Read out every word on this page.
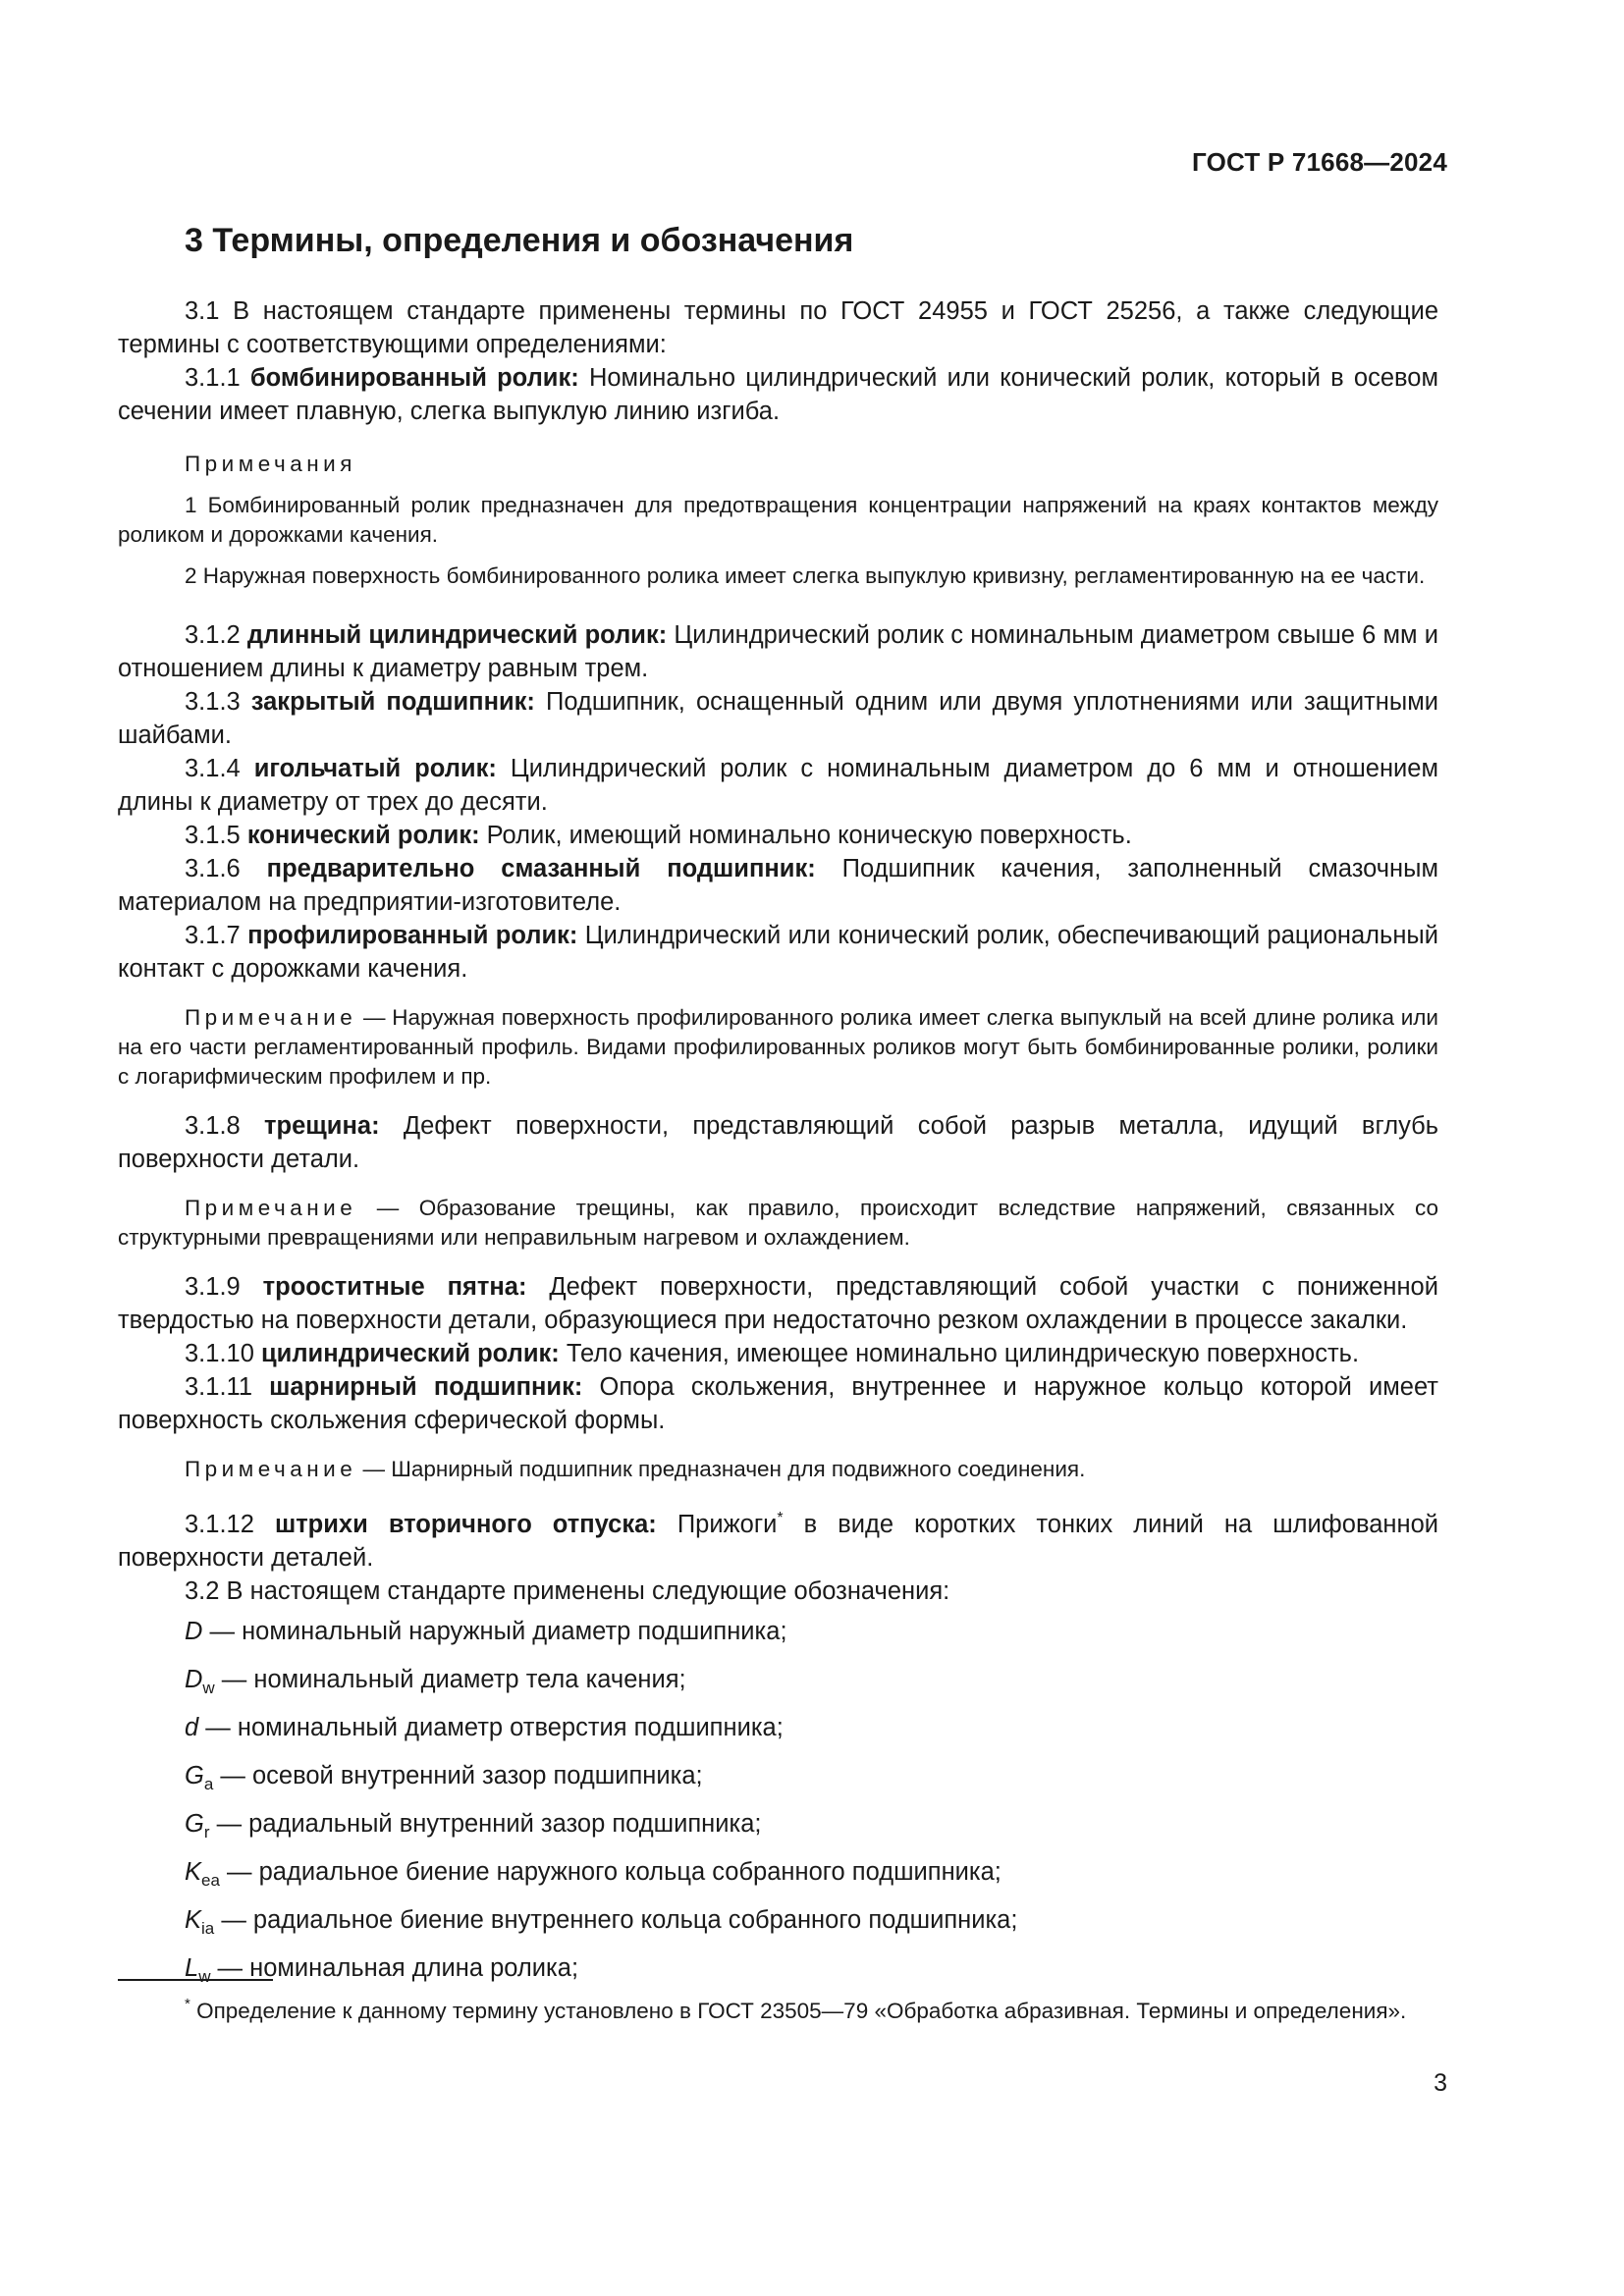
ГОСТ Р 71668—2024
3 Термины, определения и обозначения

3.1 В настоящем стандарте применены термины по ГОСТ 24955 и ГОСТ 25256, а также следующие термины с соответствующими определениями:

3.1.1 бомбинированный ролик: Номинально цилиндрический или конический ролик, который в осевом сечении имеет плавную, слегка выпуклую линию изгиба.

Примечания

1 Бомбинированный ролик предназначен для предотвращения концентрации напряжений на краях контактов между роликом и дорожками качения.

2 Наружная поверхность бомбинированного ролика имеет слегка выпуклую кривизну, регламентированную на ее части.

3.1.2 длинный цилиндрический ролик: Цилиндрический ролик с номинальным диаметром свыше 6 мм и отношением длины к диаметру равным трем.

3.1.3 закрытый подшипник: Подшипник, оснащенный одним или двумя уплотнениями или защитными шайбами.

3.1.4 игольчатый ролик: Цилиндрический ролик с номинальным диаметром до 6 мм и отношением длины к диаметру от трех до десяти.

3.1.5 конический ролик: Ролик, имеющий номинально коническую поверхность.

3.1.6 предварительно смазанный подшипник: Подшипник качения, заполненный смазочным материалом на предприятии-изготовителе.

3.1.7 профилированный ролик: Цилиндрический или конический ролик, обеспечивающий рациональный контакт с дорожками качения.

Примечание — Наружная поверхность профилированного ролика имеет слегка выпуклый на всей длине ролика или на его части регламентированный профиль. Видами профилированных роликов могут быть бомбинированные ролики, ролики с логарифмическим профилем и пр.

3.1.8 трещина: Дефект поверхности, представляющий собой разрыв металла, идущий вглубь поверхности детали.

Примечание — Образование трещины, как правило, происходит вследствие напряжений, связанных со структурными превращениями или неправильным нагревом и охлаждением.

3.1.9 трооститные пятна: Дефект поверхности, представляющий собой участки с пониженной твердостью на поверхности детали, образующиеся при недостаточно резком охлаждении в процессе закалки.

3.1.10 цилиндрический ролик: Тело качения, имеющее номинально цилиндрическую поверхность.

3.1.11 шарнирный подшипник: Опора скольжения, внутреннее и наружное кольцо которой имеет поверхность скольжения сферической формы.

Примечание — Шарнирный подшипник предназначен для подвижного соединения.

3.1.12 штрихи вторичного отпуска: Прижоги* в виде коротких тонких линий на шлифованной поверхности деталей.

3.2 В настоящем стандарте применены следующие обозначения:

D — номинальный наружный диаметр подшипника;

$D_w$ — номинальный диаметр тела качения;

d — номинальный диаметр отверстия подшипника;

$G_a$ — осевой внутренний зазор подшипника;

$G_r$ — радиальный внутренний зазор подшипника;

$K_{ea}$ — радиальное биение наружного кольца собранного подшипника;

$K_{ia}$ — радиальное биение внутреннего кольца собранного подшипника;

$L_w$ — номинальная длина ролика;

* Определение к данному термину установлено в ГОСТ 23505—79 «Обработка абразивная. Термины и определения».

3
